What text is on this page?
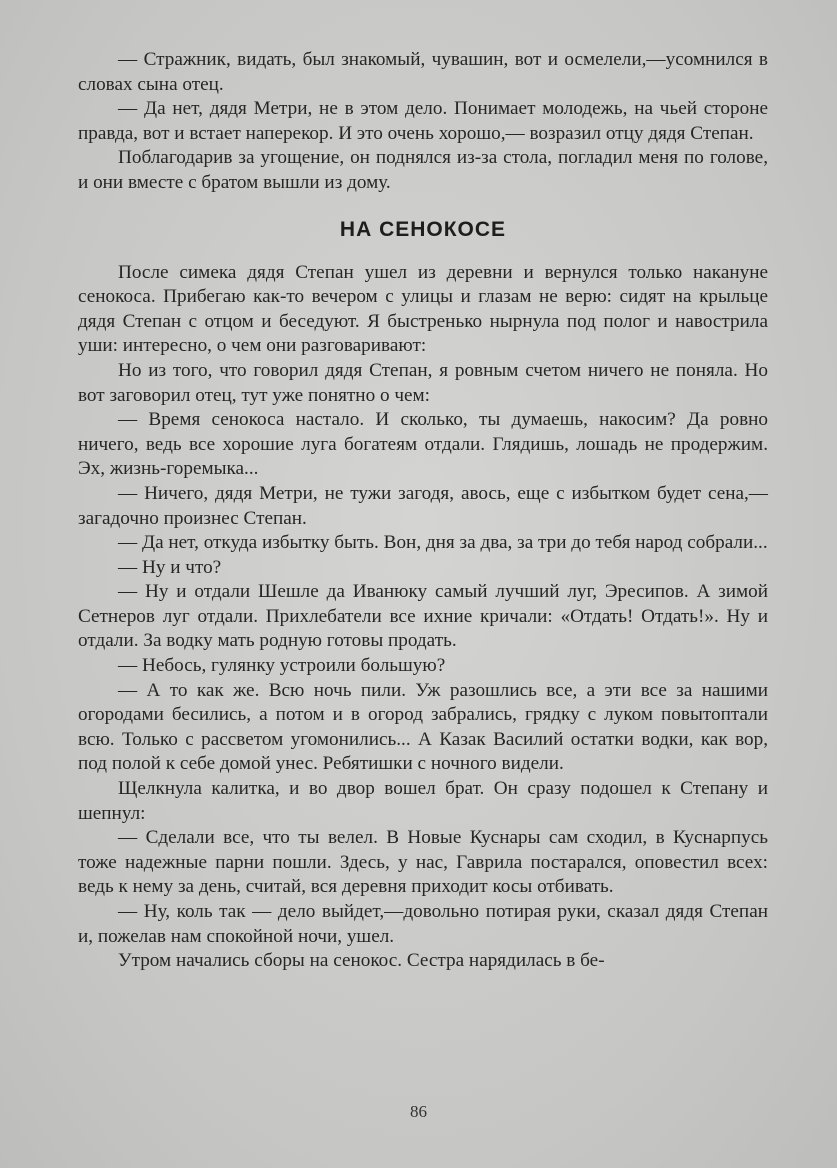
— Стражник, видать, был знакомый, чувашин, вот и осмелели,—усомнился в словах сына отец.

— Да нет, дядя Метри, не в этом дело. Понимает молодежь, на чьей стороне правда, вот и встает наперекор. И это очень хорошо,— возразил отцу дядя Степан.

Поблагодарив за угощение, он поднялся из-за стола, погладил меня по голове, и они вместе с братом вышли из дому.

НА СЕНОКОСЕ

После симека дядя Степан ушел из деревни и вернулся только накануне сенокоса. Прибегаю как-то вечером с улицы и глазам не верю: сидят на крыльце дядя Степан с отцом и беседуют. Я быстренько нырнула под полог и навострила уши: интересно, о чем они разговаривают:

Но из того, что говорил дядя Степан, я ровным счетом ничего не поняла. Но вот заговорил отец, тут уже понятно о чем:

— Время сенокоса настало. И сколько, ты думаешь, накосим? Да ровно ничего, ведь все хорошие луга богатеям отдали. Глядишь, лошадь не продержим. Эх, жизнь-горемыка...

— Ничего, дядя Метри, не тужи загодя, авось, еще с избытком будет сена,—загадочно произнес Степан.

— Да нет, откуда избытку быть. Вон, дня за два, за три до тебя народ собрали...

— Ну и что?

— Ну и отдали Шешле да Иванюку самый лучший луг, Эресипов. А зимой Сетнеров луг отдали. Прихлебатели все ихние кричали: «Отдать! Отдать!». Ну и отдали. За водку мать родную готовы продать.

— Небось, гулянку устроили большую?

— А то как же. Всю ночь пили. Уж разошлись все, а эти все за нашими огородами бесились, а потом и в огород забрались, грядку с луком повытоптали всю. Только с рассветом угомонились... А Казак Василий остатки водки, как вор, под полой к себе домой унес. Ребятишки с ночного видели.

Щелкнула калитка, и во двор вошел брат. Он сразу подошел к Степану и шепнул:

— Сделали все, что ты велел. В Новые Куснары сам сходил, в Куснарпусь тоже надежные парни пошли. Здесь, у нас, Гаврила постарался, оповестил всех: ведь к нему за день, считай, вся деревня приходит косы отбивать.

— Ну, коль так — дело выйдет,—довольно потирая руки, сказал дядя Степан и, пожелав нам спокойной ночи, ушел.

Утром начались сборы на сенокос. Сестра нарядилась в бе-

86
